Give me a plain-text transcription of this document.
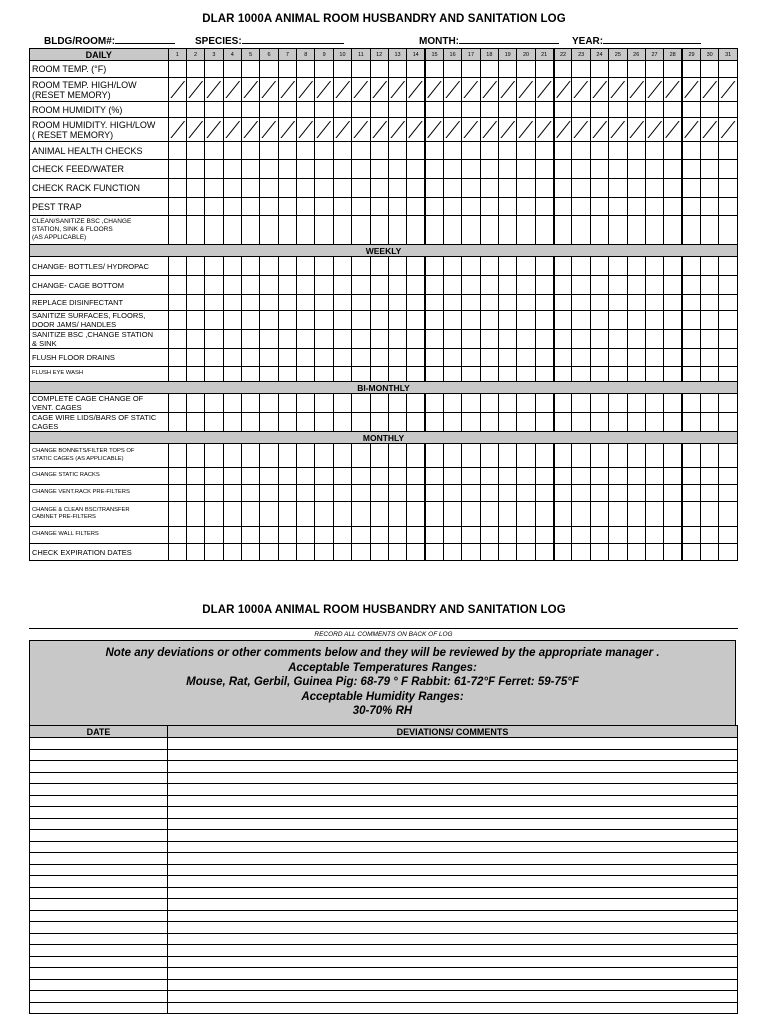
DLAR 1000A ANIMAL ROOM HUSBANDRY AND SANITATION LOG
BLDG/ROOM#:	SPECIES:	MONTH:	YEAR:
DAILY	1	2	3	4	5	6	7	8	9	10	11	12	13	14	15	16	17	18	19	20	21	22	23	24	25	26	27	28	29	30	31
ROOM TEMP. (°F)																															
ROOM TEMP. HIGH/LOW
(RESET MEMORY)	

ROOM HUMIDITY (%)																															
ROOM HUMIDITY. HIGH/LOW
( RESET MEMORY)	

ANIMAL HEALTH CHECKS																															
CHECK FEED/WATER																															
CHECK RACK FUNCTION																															
PEST TRAP																															
CLEAN/SANITIZE BSC ,CHANGE
STATION, SINK & FLOORS
(AS APPLICABLE)																															
WEEKLY																															
CHANGE- BOTTLES/ HYDROPAC																															
CHANGE- CAGE BOTTOM																															
REPLACE DISINFECTANT																															
SANITIZE SURFACES, FLOORS,
DOOR JAMS/ HANDLES																															
SANITIZE BSC ,CHANGE STATION
& SINK																															
FLUSH FLOOR DRAINS																															
FLUSH EYE WASH																															
BI-MONTHLY																															
COMPLETE CAGE CHANGE OF
VENT. CAGES																															
CAGE WIRE LIDS/BARS OF STATIC
CAGES																															
MONTHLY																															
CHANGE BONNETS/FILTER TOPS OF
STATIC CAGES (AS APPLICABLE)																															
CHANGE STATIC RACKS																															
CHANGE VENT.RACK PRE-FILTERS																															
CHANGE & CLEAN BSC/TRANSFER
CABINET PRE-FILTERS																															
CHANGE WALL FILTERS																															
CHECK EXPIRATION DATES																															
DLAR 1000A ANIMAL ROOM HUSBANDRY AND SANITATION LOG
RECORD ALL COMMENTS ON BACK OF LOG
Note any deviations or other comments below and they will be reviewed by the appropriate manager .
Acceptable Temperatures Ranges:
Mouse, Rat, Gerbil, Guinea Pig: 68-79 ° F Rabbit: 61-72°F Ferret: 59-75°F
Acceptable Humidity Ranges:
30-70% RH
DATE	DEVIATIONS/ COMMENTS
